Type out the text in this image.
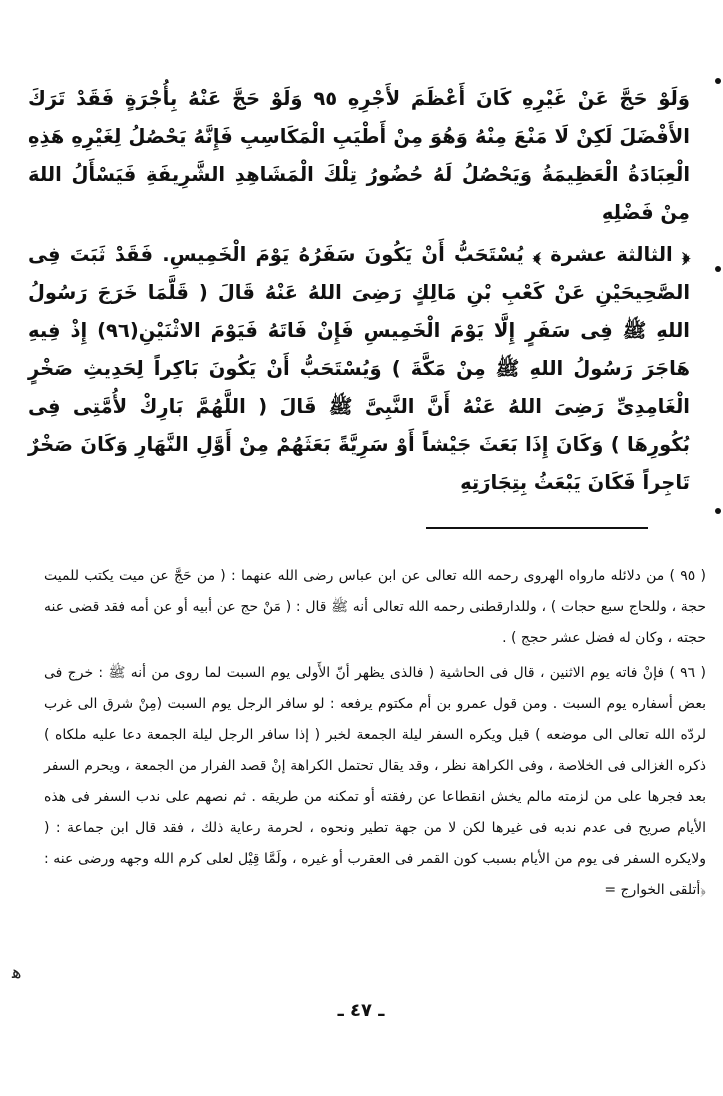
وَلَوْ حَجَّ عَنْ غَيْرِهِ كَانَ أَعْظَمَ لأَجْرِهِ ٩٥ وَلَوْ حَجَّ عَنْهُ بِأُجْرَةٍ فَقَدْ تَرَكَ الأَفْضَلَ لَكِنْ لَا مَنْعَ مِنْهُ وَهُوَ مِنْ أَطْيَبِ الْمَكَاسِبِ فَإِنَّهُ يَحْصُلُ لِغَيْرِهِ هَذِهِ الْعِبَادَةُ الْعَظِيمَةُ وَيَحْصُلُ لَهُ حُضُورُ تِلْكَ الْمَشَاهِدِ الشَّرِيفَةِ فَيَسْأَلُ اللهَ مِنْ فَضْلِهِ

﴿ الثالثة عشرة ﴾ يُسْتَحَبُّ أَنْ يَكُونَ سَفَرُهُ يَوْمَ الْخَمِيسِ. فَقَدْ ثَبَتَ فِى الصَّحِيحَيْنِ عَنْ كَعْبِ بْنِ مَالِكٍ رَضِىَ اللهُ عَنْهُ قَالَ ( قَلَّمَا خَرَجَ رَسُولُ اللهِ ﷺ فِى سَفَرٍ إِلَّا يَوْمَ الْخَمِيسِ فَإِنْ فَاتَهُ فَيَوْمَ الاثْنَيْنِ(٩٦) إِذْ فِيهِ هَاجَرَ رَسُولُ اللهِ ﷺ مِنْ مَكَّةَ ) وَيُسْتَحَبُّ أَنْ يَكُونَ بَاكِراً لِحَدِيثِ صَخْرٍ الْغَامِدِىِّ رَضِىَ اللهُ عَنْهُ أَنَّ النَّبِىَّ ﷺ قَالَ ( اللَّهُمَّ بَارِكْ لأُمَّتِى فِى بُكُورِهَا ) وَكَانَ إِذَا بَعَثَ جَيْشاً أَوْ سَرِيَّةً بَعَثَهُمْ مِنْ أَوَّلِ النَّهَارِ وَكَانَ صَخْرٌ تَاجِراً فَكَانَ يَبْعَثُ بِتِجَارَتِهِ

( ٩٥ ) من دلائله مارواه الهروى رحمه الله تعالى عن ابن عباس رضى الله عنهما : ( من حَجَّ عن ميت يكتب للميت حجة ، وللحاج سبع حجات ) ، وللدارقطنى رحمه الله تعالى أنه ﷺ قال : ( مَنْ حج عن أبيه أو عن أمه فقد قضى عنه حجته ، وكان له فضل عشر حجج ) .

( ٩٦ ) فإنْ فاته يوم الاثنين ، قال فى الحاشية ( فالذى يظهر أنّ الأَولى يوم السبت لما روى من أنه ﷺ : خرج فى بعض أسفاره يوم السبت . ومن قول عمرو بن أم مكتوم يرفعه : لو سافر الرجل يوم السبت (مِنْ شرق الى غرب لردّه الله تعالى الى موضعه ) قيل ويكره السفر ليلة الجمعة لخبر ( إذا سافر الرجل ليلة الجمعة دعا عليه ملكاه ) ذكره الغزالى فى الخلاصة ، وفى الكراهة نظر ، وقد يقال تحتمل الكراهة إنْ قصد الفرار من الجمعة ، ويحرم السفر بعد فجرها على من لزمته مالم يخش انقطاعا عن رفقته أو تمكنه من طريقه . ثم نصهم على ندب السفر فى هذه الأيام صريح فى عدم ندبه فى غيرها لكن لا من جهة تطير ونحوه ، لحرمة رعاية ذلك ، فقد قال ابن جماعة : ( ولايكره السفر فى يوم من الأيام بسبب كون القمر فى العقرب أو غيره ، ولَمَّا قِيْل لعلى كرم الله وجهه ورضى عنه : ﴿أتلقى الخوارج =

ـ ٤٧ ـ
ﮬ
